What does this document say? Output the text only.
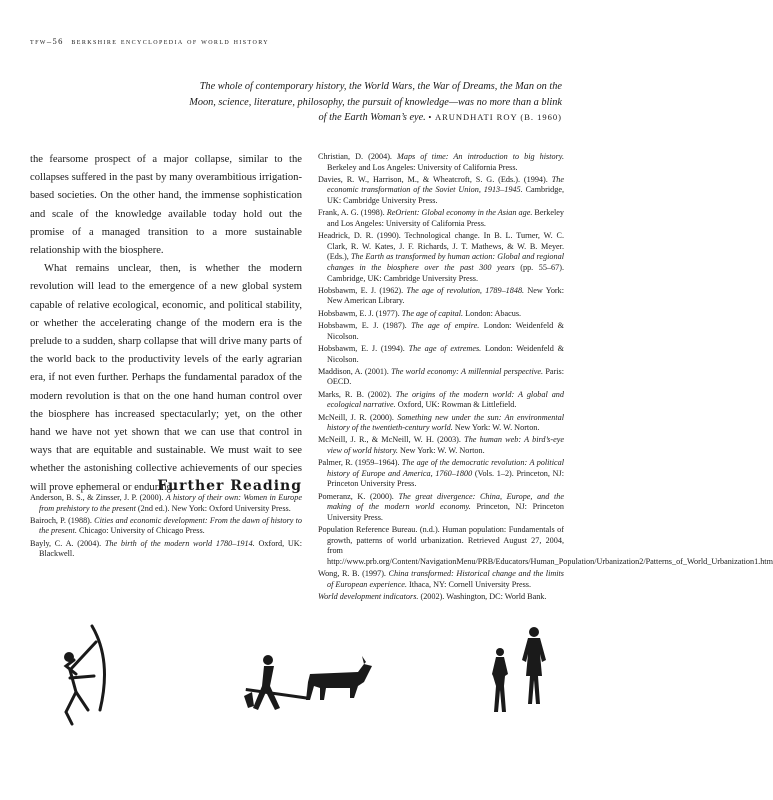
tfw–56 berkshire encyclopedia of world history
The whole of contemporary history, the World Wars, the War of Dreams, the Man on the Moon, science, literature, philosophy, the pursuit of knowledge—was no more than a blink of the Earth Woman’s eye. • ARUNDHATI ROY (B. 1960)

the fearsome prospect of a major collapse, similar to the collapses suffered in the past by many overambitious irrigation-based societies. On the other hand, the immense sophistication and scale of the knowledge available today hold out the promise of a managed transition to a more sustainable relationship with the biosphere.

What remains unclear, then, is whether the modern revolution will lead to the emergence of a new global system capable of relative ecological, economic, and political stability, or whether the accelerating change of the modern era is the prelude to a sudden, sharp collapse that will drive many parts of the world back to the productivity levels of the early agrarian era, if not even further. Perhaps the fundamental paradox of the modern revolution is that on the one hand human control over the biosphere has increased spectacularly; yet, on the other hand we have not yet shown that we can use that control in ways that are equitable and sustainable. We must wait to see whether the astonishing collective achievements of our species will prove ephemeral or enduring.

Further Reading

Anderson, B. S., & Zinsser, J. P. (2000). A history of their own: Women in Europe from prehistory to the present (2nd ed.). New York: Oxford University Press.

Bairoch, P. (1988). Cities and economic development: From the dawn of history to the present. Chicago: University of Chicago Press.

Bayly, C. A. (2004). The birth of the modern world 1780–1914. Oxford, UK: Blackwell.

Christian, D. (2004). Maps of time: An introduction to big history. Berkeley and Los Angeles: University of California Press.

Davies, R. W., Harrison, M., & Wheatcroft, S. G. (Eds.). (1994). The economic transformation of the Soviet Union, 1913–1945. Cambridge, UK: Cambridge University Press.

Frank, A. G. (1998). ReOrient: Global economy in the Asian age. Berkeley and Los Angeles: University of California Press.

Headrick, D. R. (1990). Technological change. In B. L. Turner, W. C. Clark, R. W. Kates, J. F. Richards, J. T. Mathews, & W. B. Meyer. (Eds.), The Earth as transformed by human action: Global and regional changes in the biosphere over the past 300 years (pp. 55–67). Cambridge, UK: Cambridge University Press.

Hobsbawm, E. J. (1962). The age of revolution, 1789–1848. New York: New American Library.

Hobsbawm, E. J. (1977). The age of capital. London: Abacus.

Hobsbawm, E. J. (1987). The age of empire. London: Weidenfeld & Nicolson.

Hobsbawm, E. J. (1994). The age of extremes. London: Weidenfeld & Nicolson.

Maddison, A. (2001). The world economy: A millennial perspective. Paris: OECD.

Marks, R. B. (2002). The origins of the modern world: A global and ecological narrative. Oxford, UK: Rowman & Littlefield.

McNeill, J. R. (2000). Something new under the sun: An environmental history of the twentieth-century world. New York: W. W. Norton.

McNeill, J. R., & McNeill, W. H. (2003). The human web: A bird’s-eye view of world history. New York: W. W. Norton.

Palmer, R. (1959–1964). The age of the democratic revolution: A political history of Europe and America, 1760–1800 (Vols. 1–2). Princeton, NJ: Princeton University Press.

Pomeranz, K. (2000). The great divergence: China, Europe, and the making of the modern world economy. Princeton, NJ: Princeton University Press.

Population Reference Bureau. (n.d.). Human population: Fundamentals of growth, patterns of world urbanization. Retrieved August 27, 2004, from http://www.prb.org/Content/NavigationMenu/PRB/Educators/Human_Population/Urbanization2/Patterns_of_World_Urbanization1.htm

Wong, R. B. (1997). China transformed: Historical change and the limits of European experience. Ithaca, NY: Cornell University Press.

World development indicators. (2002). Washington, DC: World Bank.
